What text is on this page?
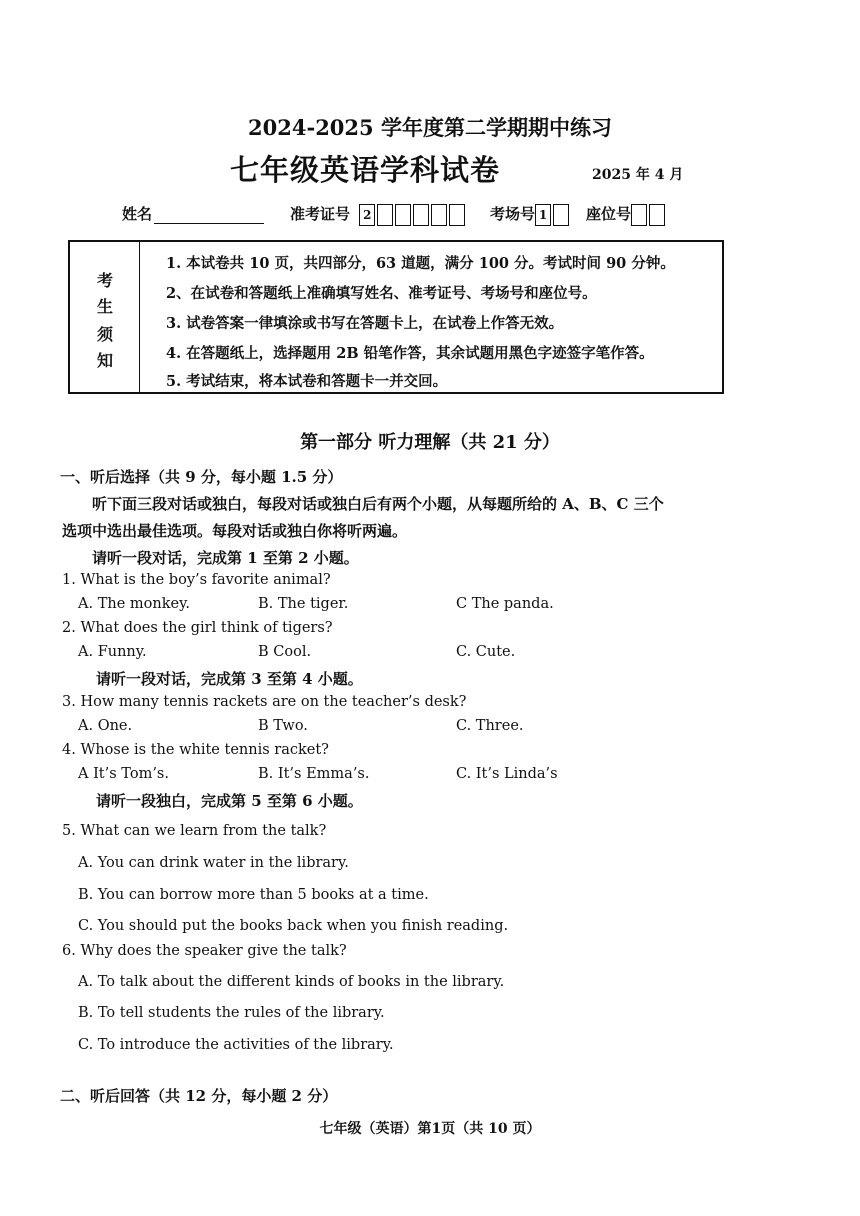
2024-2025 学年度第二学期期中练习
七年级英语学科试卷	2025 年 4 月
姓名	准考证号 2	考场号 1	座位号
考
生
须
知
1. 本试卷共 10 页，共四部分，63 道题，满分 100 分。考试时间 90 分钟。
2、在试卷和答题纸上准确填写姓名、准考证号、考场号和座位号。
3. 试卷答案一律填涂或书写在答题卡上，在试卷上作答无效。
4. 在答题纸上，选择题用 2B 铅笔作答，其余试题用黑色字迹签字笔作答。
5. 考试结束，将本试卷和答题卡一并交回。
第一部分 听力理解（共 21 分）
一、听后选择（共 9 分，每小题 1.5 分）
听下面三段对话或独白，每段对话或独白后有两个小题，从每题所给的 A、B、C 三个
选项中选出最佳选项。每段对话或独白你将听两遍。
请听一段对话，完成第 1 至第 2 小题。
1. What is the boy’s favorite animal?
A. The monkey.	B. The tiger.	C The panda.
2. What does the girl think of tigers?
A. Funny.	B Cool.	C. Cute.
请听一段对话，完成第 3 至第 4 小题。
3. How many tennis rackets are on the teacher’s desk?
A. One.	B Two.	C. Three.
4. Whose is the white tennis racket?
A It’s Tom’s.	B. It’s Emma’s.	C. It’s Linda’s
请听一段独白，完成第 5 至第 6 小题。
5. What can we learn from the talk?
A. You can drink water in the library.
B. You can borrow more than 5 books at a time.
C. You should put the books back when you finish reading.
6. Why does the speaker give the talk?
A. To talk about the different kinds of books in the library.
B. To tell students the rules of the library.
C. To introduce the activities of the library.
二、听后回答（共 12 分，每小题 2 分）
七年级（英语）第1页（共 10 页）
